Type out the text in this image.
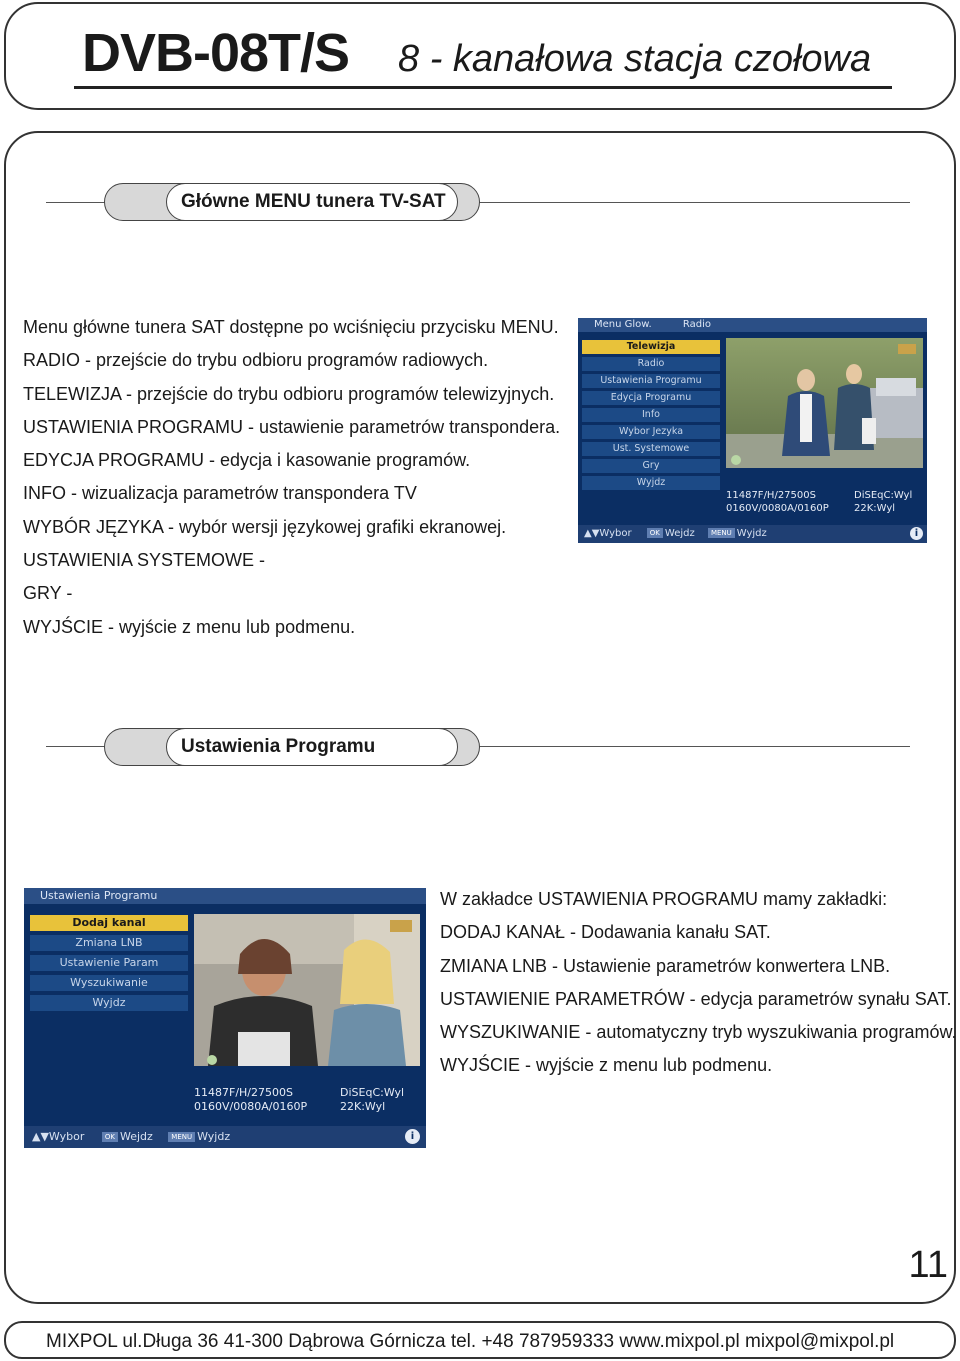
DVB-08T/S 8 - kanałowa stacja czołowa
Główne MENU tunera TV-SAT
Menu główne tunera SAT dostępne po wciśnięciu przycisku MENU.
RADIO - przejście do trybu odbioru programów radiowych.
TELEWIZJA - przejście do trybu odbioru programów telewizyjnych.
USTAWIENIA PROGRAMU - ustawienie parametrów transpondera.
EDYCJA PROGRAMU - edycja i kasowanie programów.
INFO - wizualizacja parametrów transpondera TV
WYBÓR JĘZYKA - wybór wersji językowej grafiki ekranowej.
USTAWIENIA SYSTEMOWE -
GRY -
WYJŚCIE - wyjście z menu lub podmenu.
Menu Glow.	Radio
Telewizja
Radio
Ustawienia Programu
Edycja Programu
Info
Wybor Jezyka
Ust. Systemowe
Gry
Wyjdz
11487F/H/27500S	DiSEqC:Wyl
0160V/0080A/0160P	22K:Wyl
▲▼Wybor	OK Wejdz MENU Wyjdz	i
Ustawienia Programu
Ustawienia Programu
Dodaj kanal
Zmiana LNB
Ustawienie Param
Wyszukiwanie
Wyjdz
11487F/H/27500S	DiSEqC:Wyl
0160V/0080A/0160P	22K:Wyl
▲▼Wybor	OK Wejdz	MENU Wyjdz	i
W zakładce USTAWIENIA PROGRAMU mamy zakładki:
DODAJ KANAŁ - Dodawania kanału SAT.
ZMIANA LNB - Ustawienie parametrów konwertera LNB.
USTAWIENIE PARAMETRÓW - edycja parametrów synału SAT.
WYSZUKIWANIE - automatyczny tryb wyszukiwania programów.
WYJŚCIE - wyjście z menu lub podmenu.
11
MIXPOL ul.Długa 36 41-300 Dąbrowa Górnicza tel. +48 787959333 www.mixpol.pl mixpol@mixpol.pl
